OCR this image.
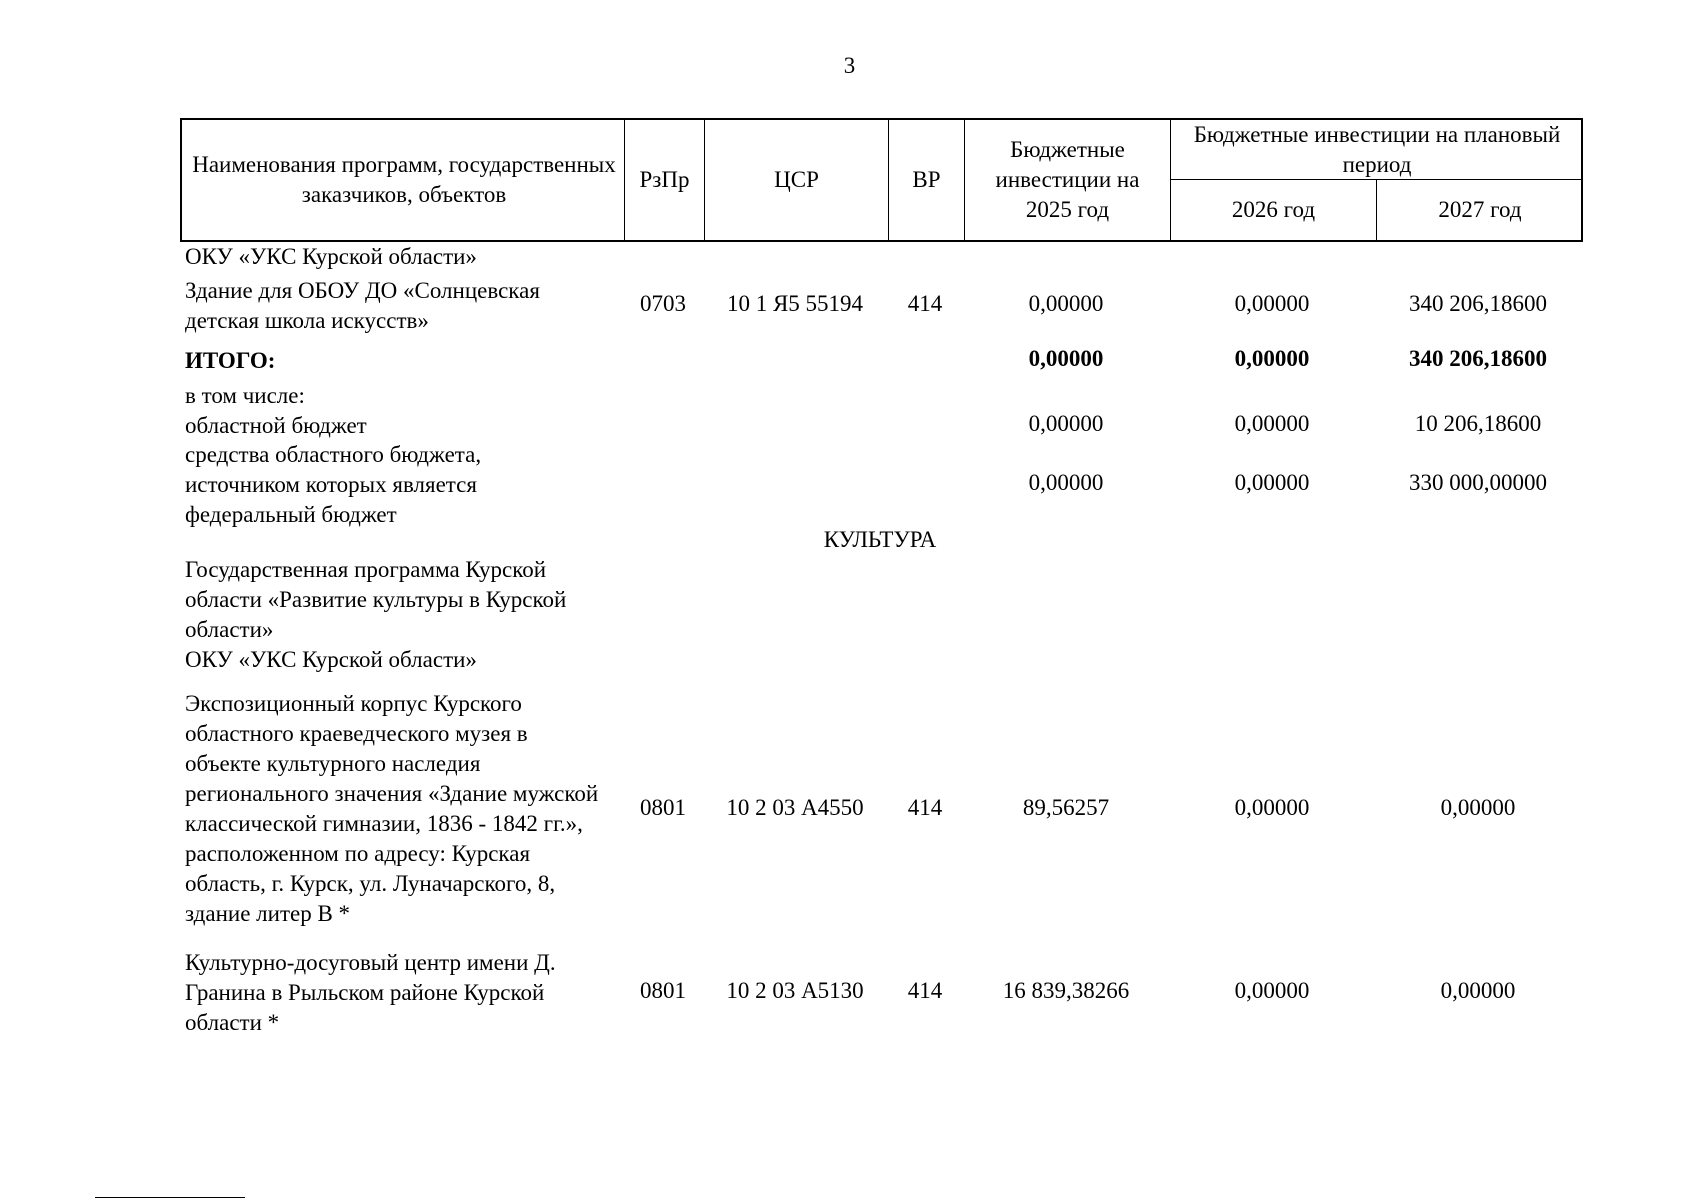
3
Наименования программ, государственных заказчиков, объектов
РзПр	ЦСР	ВР
Бюджетные инвестиции на 2025 год
Бюджетные инвестиции на плановый период
2026 год	2027 год
ОКУ «УКС Курской области»
Здание для ОБОУ ДО «Солнцевская детская школа искусств»
0703	10 1 Я5 55194	414	0,00000	0,00000	340 206,18600
ИТОГО:	0,00000	0,00000	340 206,18600
в том числе:
областной бюджет	0,00000	0,00000	10 206,18600
средства областного бюджета, источником которых является федеральный бюджет
0,00000	0,00000	330 000,00000
КУЛЬТУРА
Государственная программа Курской области «Развитие культуры в Курской области»
ОКУ «УКС Курской области»
Экспозиционный корпус Курского областного краеведческого музея в объекте культурного наследия регионального значения «Здание мужской классической гимназии, 1836 - 1842 гг.», расположенном по адресу: Курская область, г. Курск, ул. Луначарского, 8, здание литер В *
0801	10 2 03 А4550	414	89,56257	0,00000	0,00000
Культурно-досуговый центр имени Д. Гранина в Рыльском районе Курской области *
0801	10 2 03 А5130	414	16 839,38266	0,00000	0,00000
